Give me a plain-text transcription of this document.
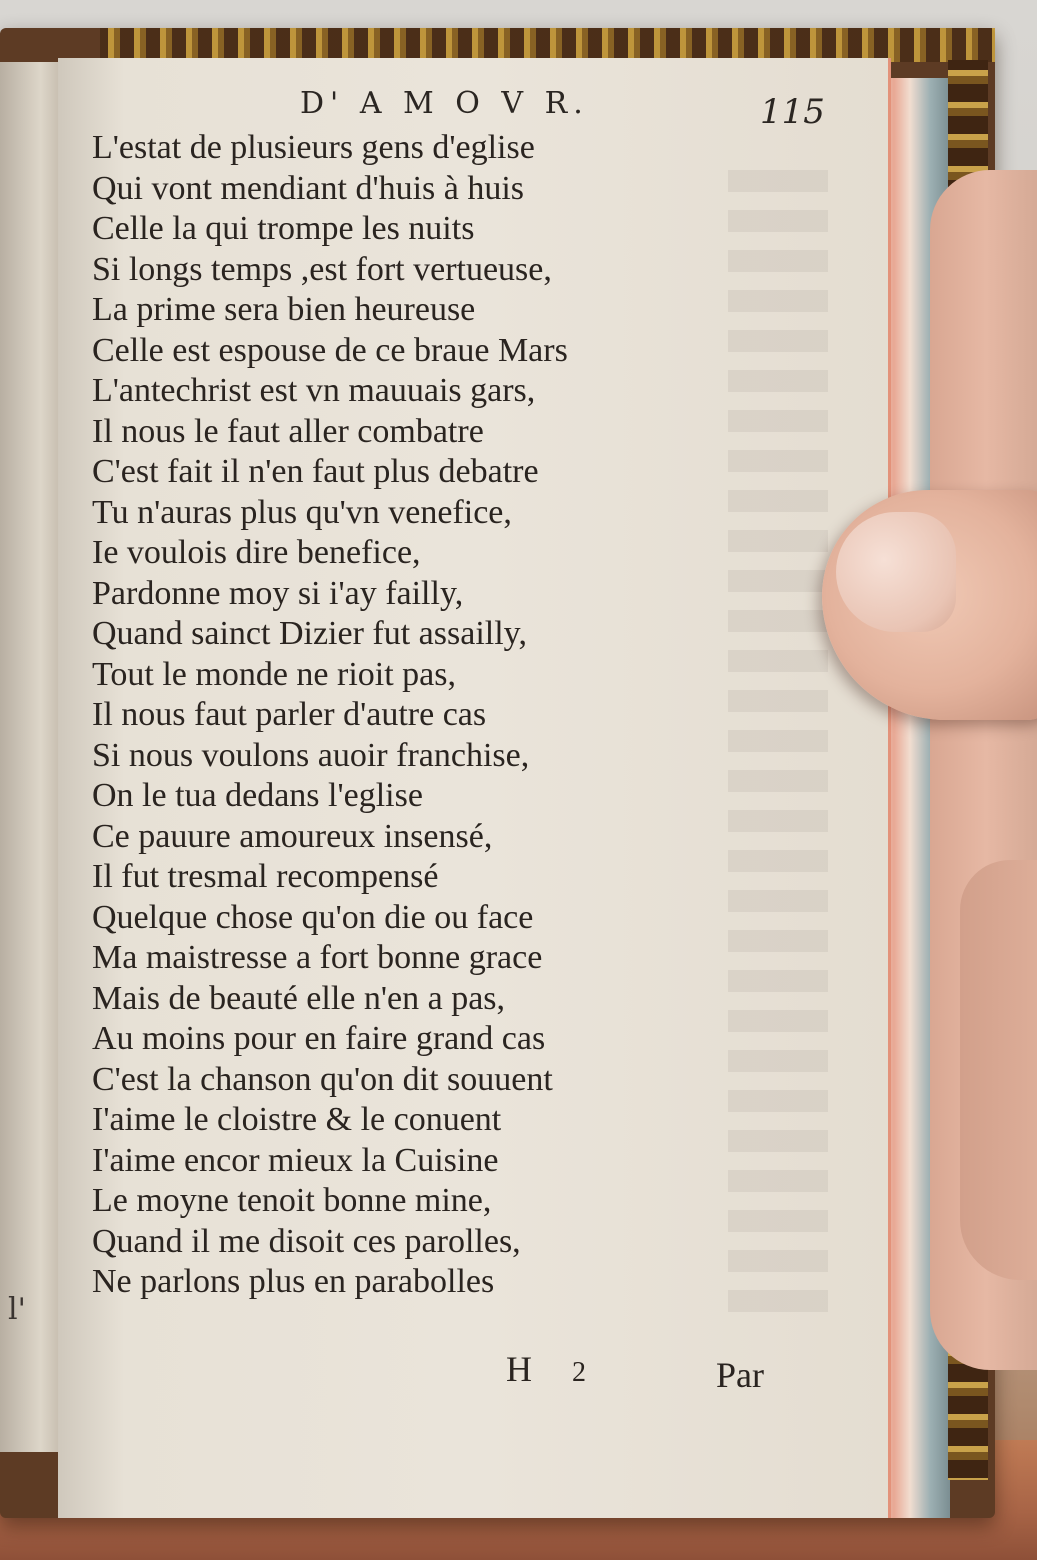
l'

D' A M O V R.	115

L'estat de plusieurs gens d'eglise
Qui vont mendiant d'huis à huis
Celle la qui trompe les nuits
Si longs temps ,est fort vertueuse,
La prime sera bien heureuse
Celle est espouse de ce braue Mars
L'antechrist est vn mauuais gars,
Il nous le faut aller combatre
C'est fait il n'en faut plus debatre
Tu n'auras plus qu'vn venefice,
Ie voulois dire benefice,
Pardonne moy si i'ay failly,
Quand sainct Dizier fut assailly,
Tout le monde ne rioit pas,
Il nous faut parler d'autre cas
Si nous voulons auoir franchise,
On le tua dedans l'eglise
Ce pauure amoureux insensé,
Il fut tresmal recompensé
Quelque chose qu'on die ou face
Ma maistresse a fort bonne grace
Mais de beauté elle n'en a pas,
Au moins pour en faire grand cas
C'est la chanson qu'on dit souuent
I'aime le cloistre & le conuent
I'aime encor mieux la Cuisine
Le moyne tenoit bonne mine,
Quand il me disoit ces parolles,
Ne parlons plus en parabolles

H 2	Par
